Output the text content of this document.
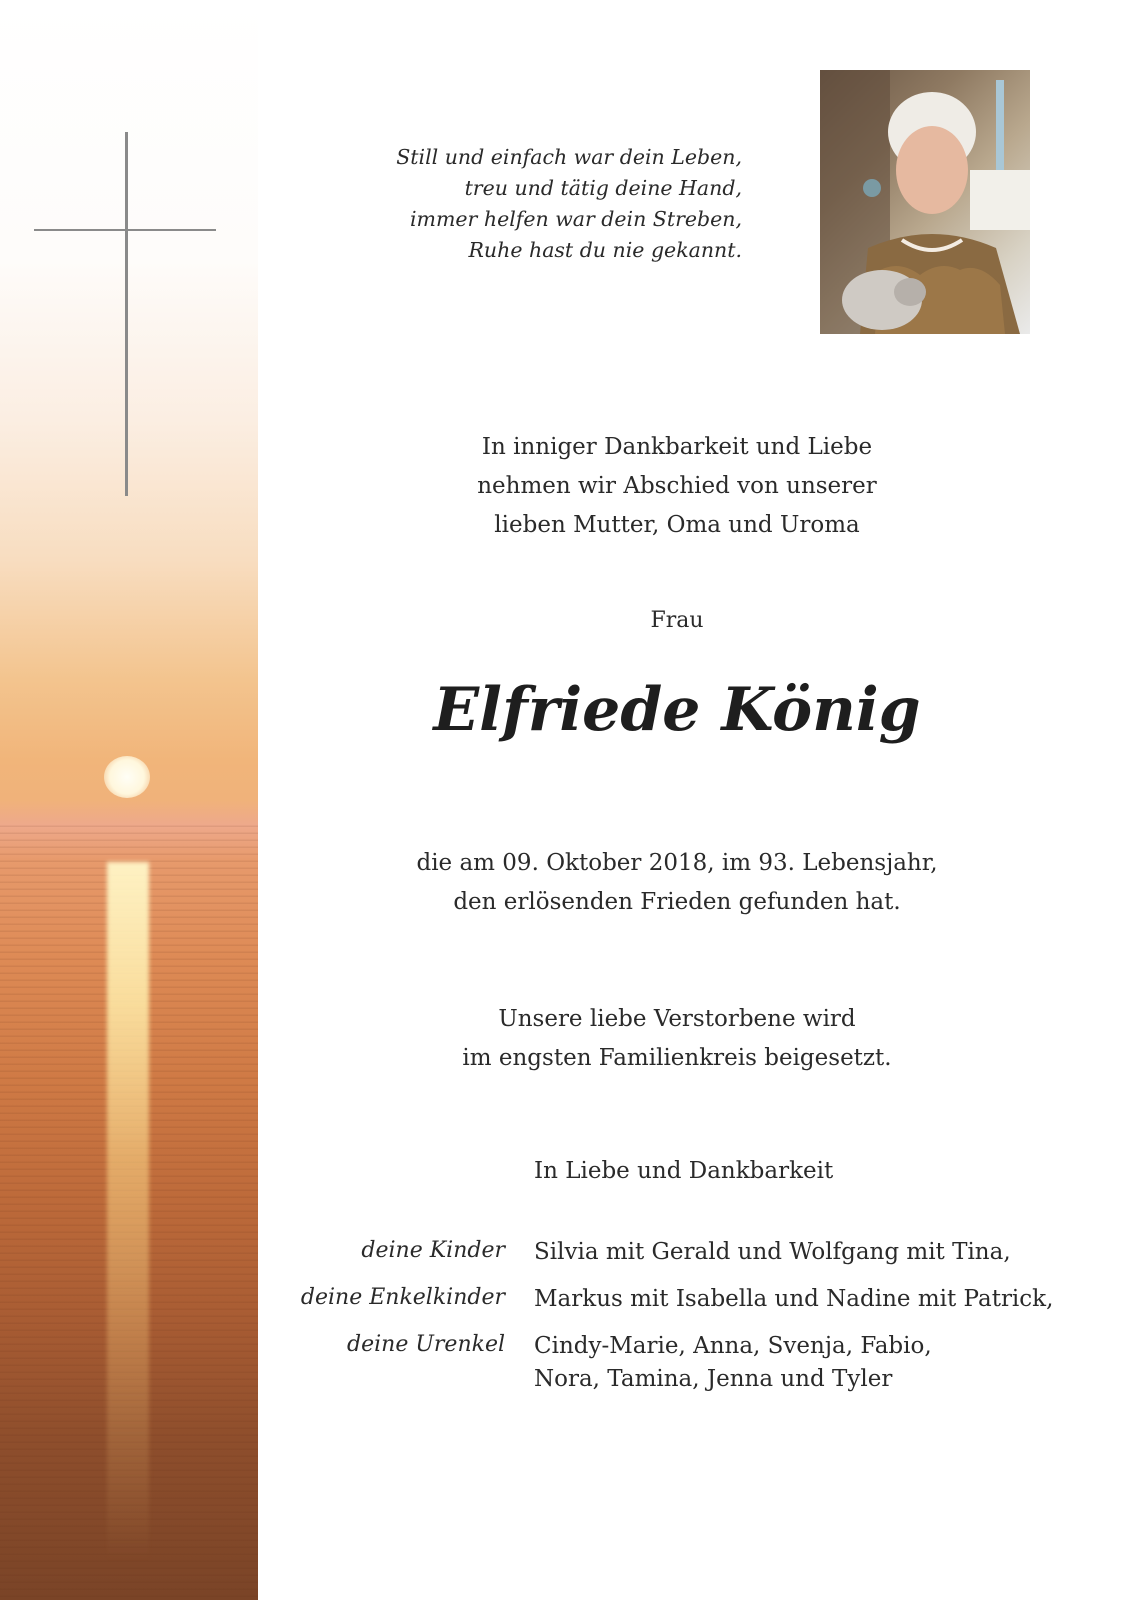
Still und einfach war dein Leben,
treu und tätig deine Hand,
immer helfen war dein Streben,
Ruhe hast du nie gekannt.
In inniger Dankbarkeit und Liebe
nehmen wir Abschied von unserer
lieben Mutter, Oma und Uroma
Frau
Elfriede König
die am 09. Oktober 2018, im 93. Lebensjahr,
den erlösenden Frieden gefunden hat.
Unsere liebe Verstorbene wird
im engsten Familienkreis beigesetzt.
In Liebe und Dankbarkeit
deine Kinder Silvia mit Gerald und Wolfgang mit Tina,
deine Enkelkinder Markus mit Isabella und Nadine mit Patrick,
deine Urenkel Cindy-Marie, Anna, Svenja, Fabio,
Nora, Tamina, Jenna und Tyler
